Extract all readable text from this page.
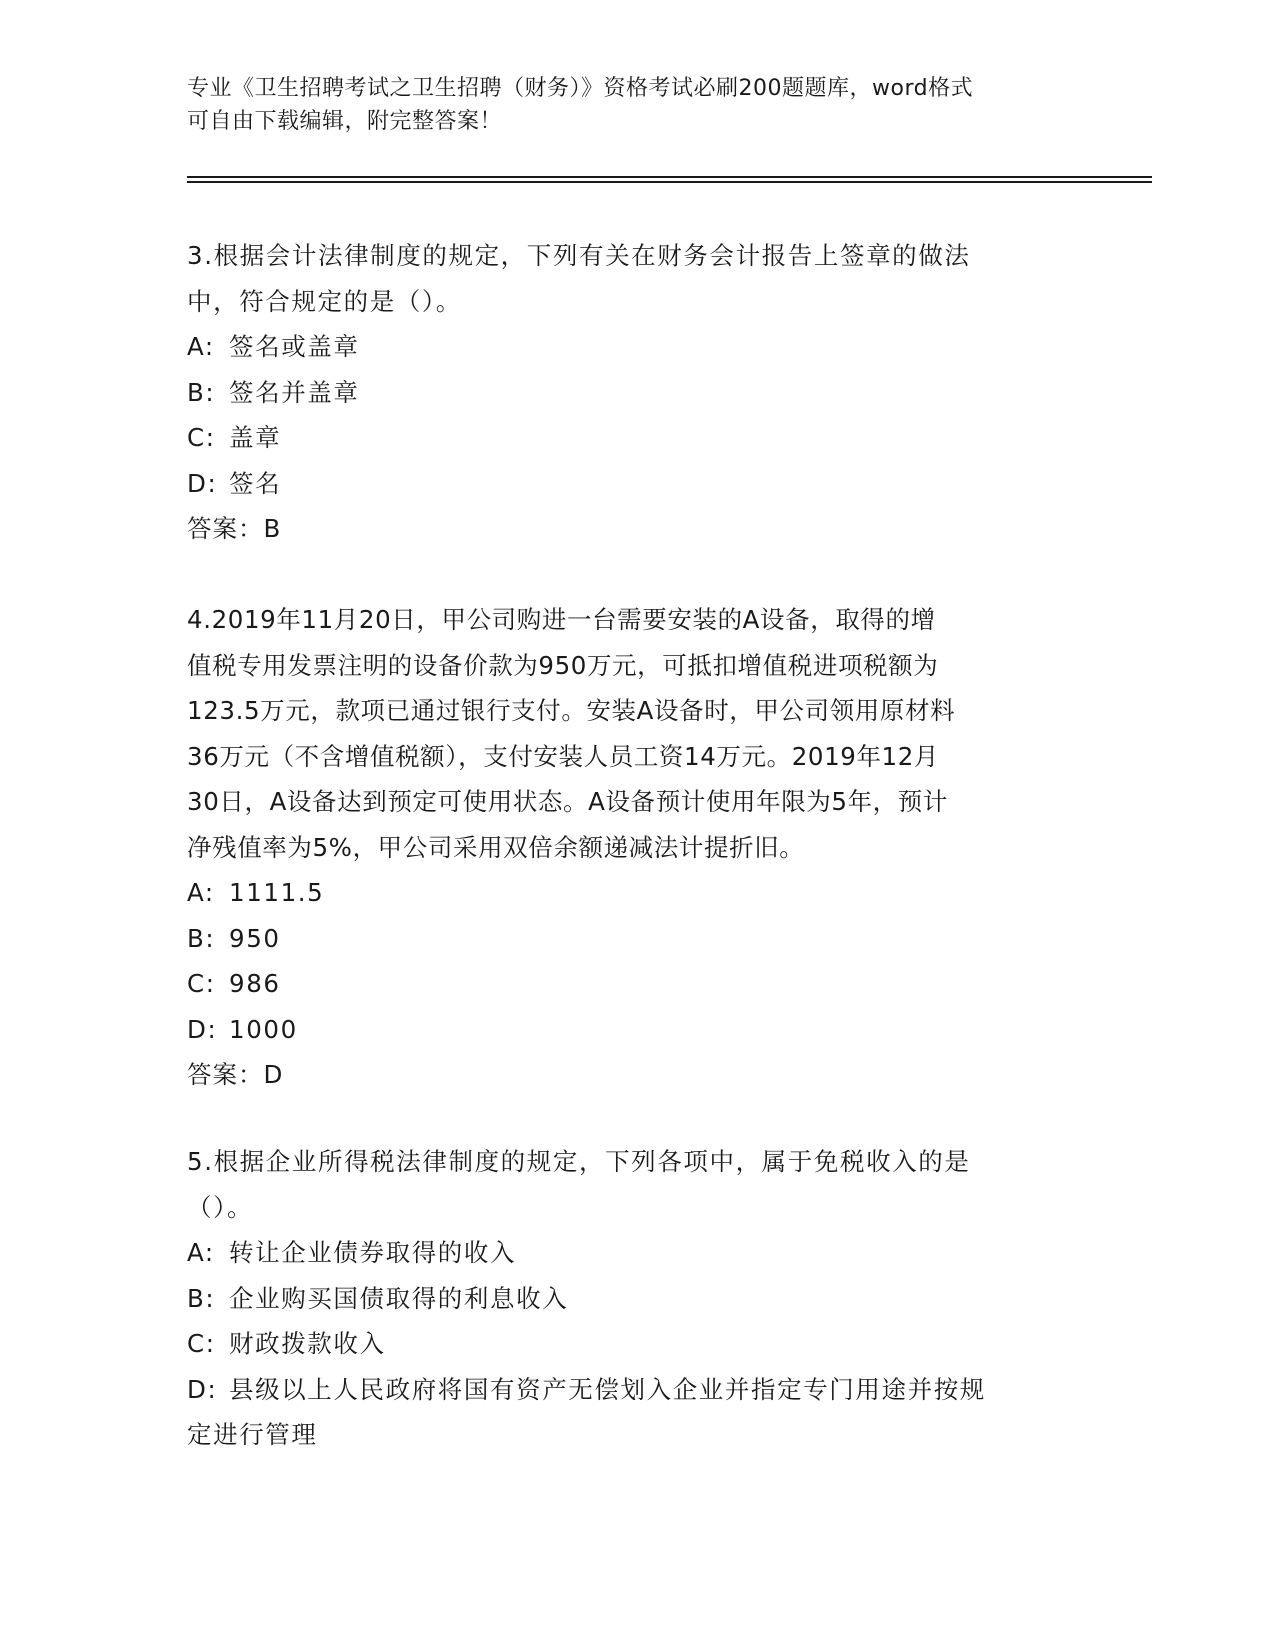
专业《卫生招聘考试之卫生招聘（财务）》资格考试必刷200题题库，word格式
可自由下载编辑，附完整答案！
3.根据会计法律制度的规定，下列有关在财务会计报告上签章的做法
中，符合规定的是（）。
A: 签名或盖章
B: 签名并盖章
C: 盖章
D: 签名
答案：B
4.2019年11月20日，甲公司购进一台需要安装的A设备，取得的增
值税专用发票注明的设备价款为950万元，可抵扣增值税进项税额为
123.5万元，款项已通过银行支付。安装A设备时，甲公司领用原材料
36万元（不含增值税额），支付安装人员工资14万元。2019年12月
30日，A设备达到预定可使用状态。A设备预计使用年限为5年，预计
净残值率为5%，甲公司采用双倍余额递减法计提折旧。
A: 1111.5
B: 950
C: 986
D: 1000
答案：D
5.根据企业所得税法律制度的规定，下列各项中，属于免税收入的是
（）。
A: 转让企业债券取得的收入
B: 企业购买国债取得的利息收入
C: 财政拨款收入
D: 县级以上人民政府将国有资产无偿划入企业并指定专门用途并按规
定进行管理
